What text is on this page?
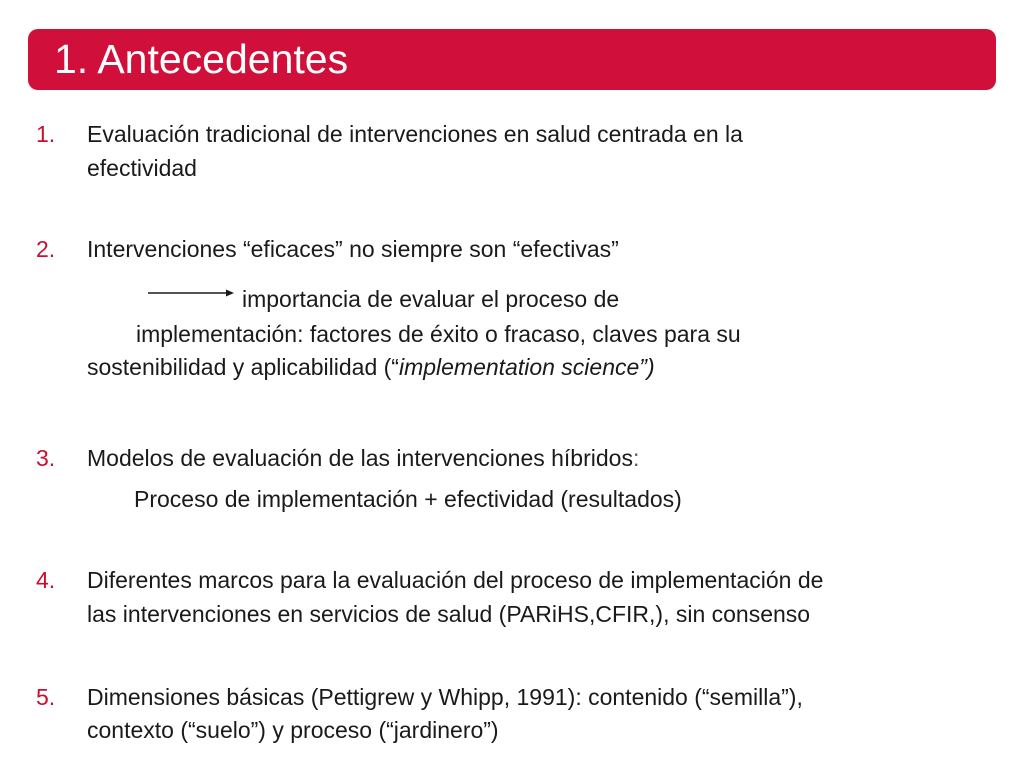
1. Antecedentes
1. Evaluación tradicional de intervenciones en salud centrada en la
efectividad
2. Intervenciones “eficaces” no siempre son “efectivas”
importancia de evaluar el proceso de
implementación: factores de éxito o fracaso, claves para su
sostenibilidad y aplicabilidad (“implementation science”)
3. Modelos de evaluación de las intervenciones híbridos:
Proceso de implementación + efectividad (resultados)
4. Diferentes marcos para la evaluación del proceso de implementación de
las intervenciones en servicios de salud (PARiHS,CFIR,), sin consenso
5. Dimensiones básicas (Pettigrew y Whipp, 1991): contenido (“semilla”),
contexto (“suelo”) y proceso (“jardinero”)
